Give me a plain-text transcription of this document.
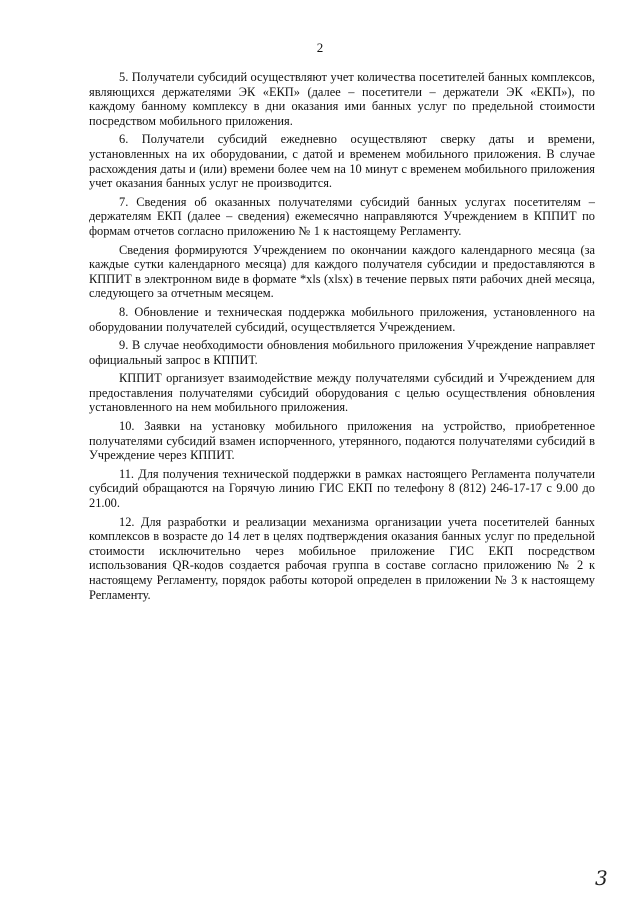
2

5. Получатели субсидий осуществляют учет количества посетителей банных комплексов, являющихся держателями ЭК «ЕКП» (далее – посетители – держатели ЭК «ЕКП»), по каждому банному комплексу в дни оказания ими банных услуг по предельной стоимости посредством мобильного приложения.

6. Получатели субсидий ежедневно осуществляют сверку даты и времени, установленных на их оборудовании, с датой и временем мобильного приложения. В случае расхождения даты и (или) времени более чем на 10 минут с временем мобильного приложения учет оказания банных услуг не производится.

7. Сведения об оказанных получателями субсидий банных услугах посетителям – держателям ЕКП (далее – сведения) ежемесячно направляются Учреждением в КППИТ по формам отчетов согласно приложению № 1 к настоящему Регламенту.

Сведения формируются Учреждением по окончании каждого календарного месяца (за каждые сутки календарного месяца) для каждого получателя субсидии и предоставляются в КППИТ в электронном виде в формате *xls (xlsx) в течение первых пяти рабочих дней месяца, следующего за отчетным месяцем.

8. Обновление и техническая поддержка мобильного приложения, установленного на оборудовании получателей субсидий, осуществляется Учреждением.

9. В случае необходимости обновления мобильного приложения Учреждение направляет официальный запрос в КППИТ.

КППИТ организует взаимодействие между получателями субсидий и Учреждением для предоставления получателями субсидий оборудования с целью осуществления обновления установленного на нем мобильного приложения.

10. Заявки на установку мобильного приложения на устройство, приобретенное получателями субсидий взамен испорченного, утерянного, подаются получателями субсидий в Учреждение через КППИТ.

11. Для получения технической поддержки в рамках настоящего Регламента получатели субсидий обращаются на Горячую линию ГИС ЕКП по телефону 8 (812) 246-17-17 с 9.00 до 21.00.

12. Для разработки и реализации механизма организации учета посетителей банных комплексов в возрасте до 14 лет в целях подтверждения оказания банных услуг по предельной стоимости исключительно через мобильное приложение ГИС ЕКП посредством использования QR-кодов создается рабочая группа в составе согласно приложению № 2 к настоящему Регламенту, порядок работы которой определен в приложении № 3 к настоящему Регламенту.

3
